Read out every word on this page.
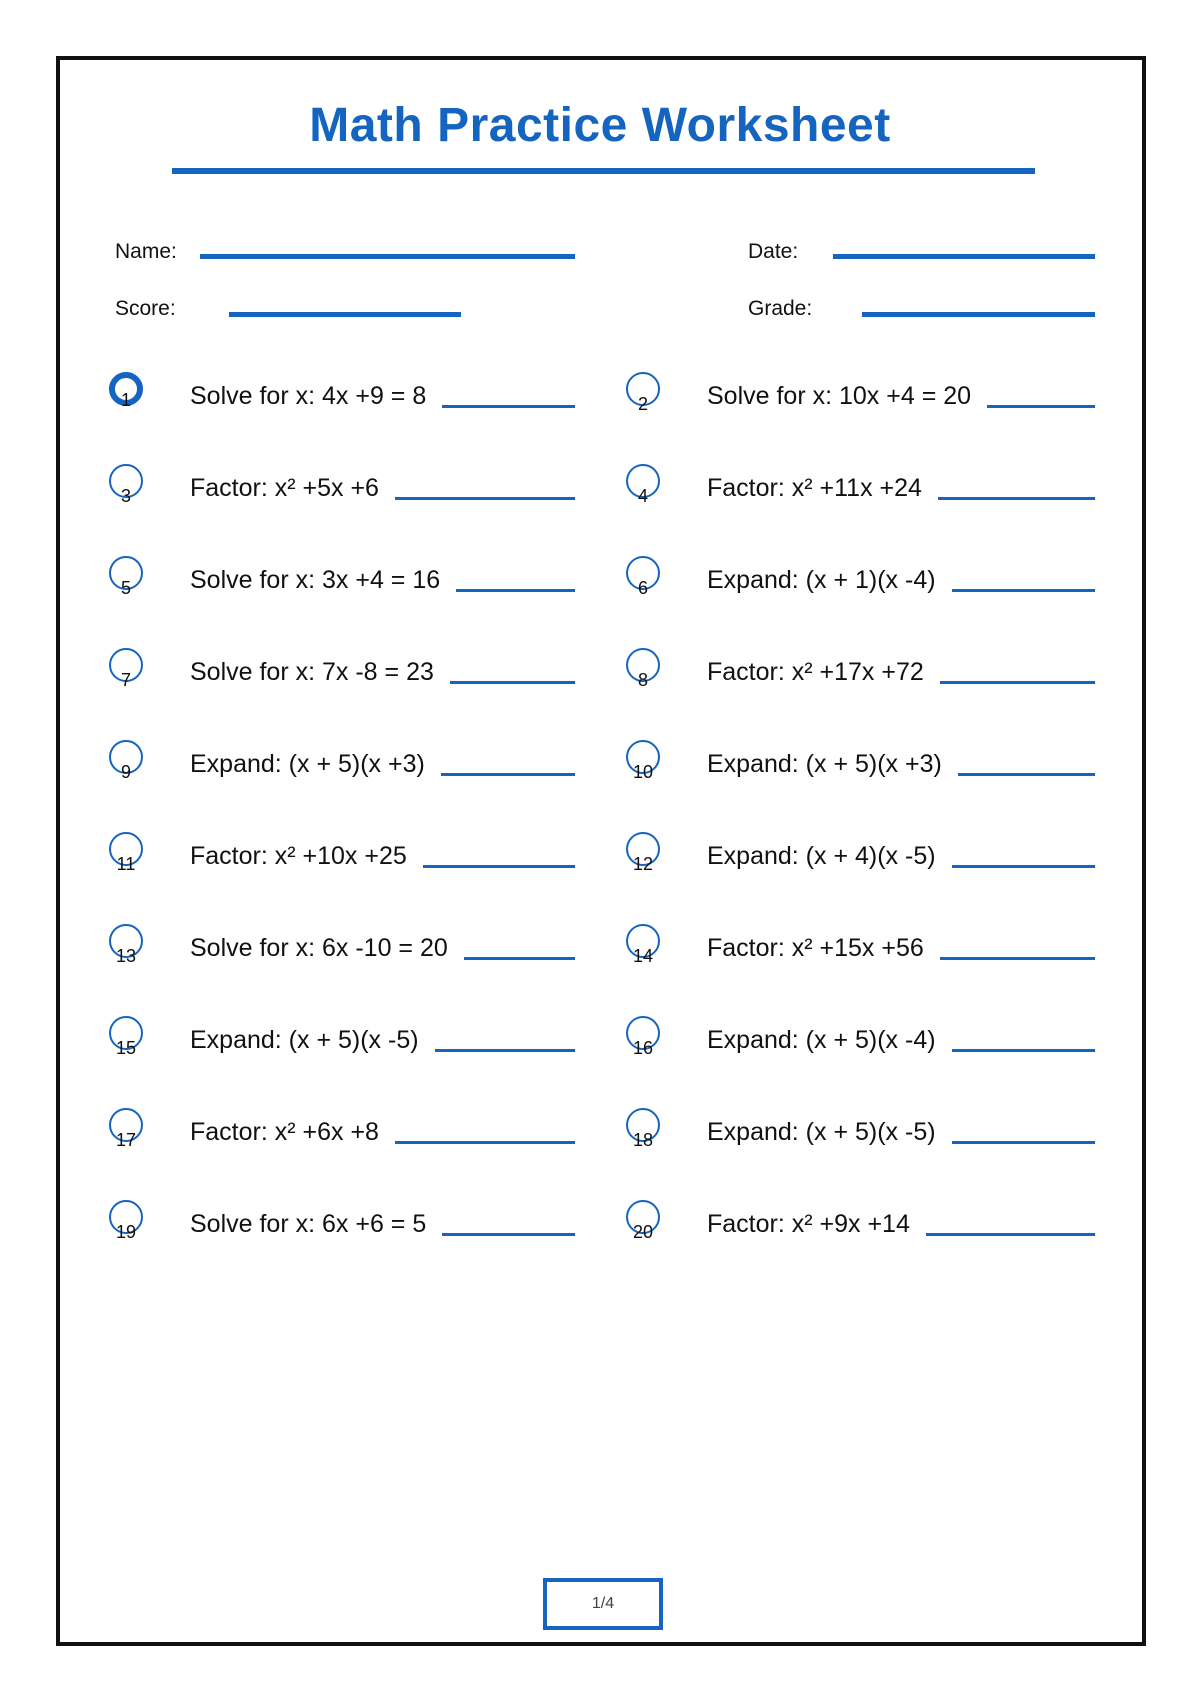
Math Practice Worksheet
Name:	Date:
Score:	Grade:
1 Solve for x: 4x +9 = 8	2 Solve for x: 10x +4 = 20
3 Factor: x² +5x +6	4 Factor: x² +11x +24
5 Solve for x: 3x +4 = 16	6 Expand: (x + 1)(x -4)
7 Solve for x: 7x -8 = 23	8 Factor: x² +17x +72
9 Expand: (x + 5)(x +3)	10 Expand: (x + 5)(x +3)
11 Factor: x² +10x +25	12 Expand: (x + 4)(x -5)
13 Solve for x: 6x -10 = 20	14 Factor: x² +15x +56
15 Expand: (x + 5)(x -5)	16 Expand: (x + 5)(x -4)
17 Factor: x² +6x +8	18 Expand: (x + 5)(x -5)
19 Solve for x: 6x +6 = 5	20 Factor: x² +9x +14
1/4
